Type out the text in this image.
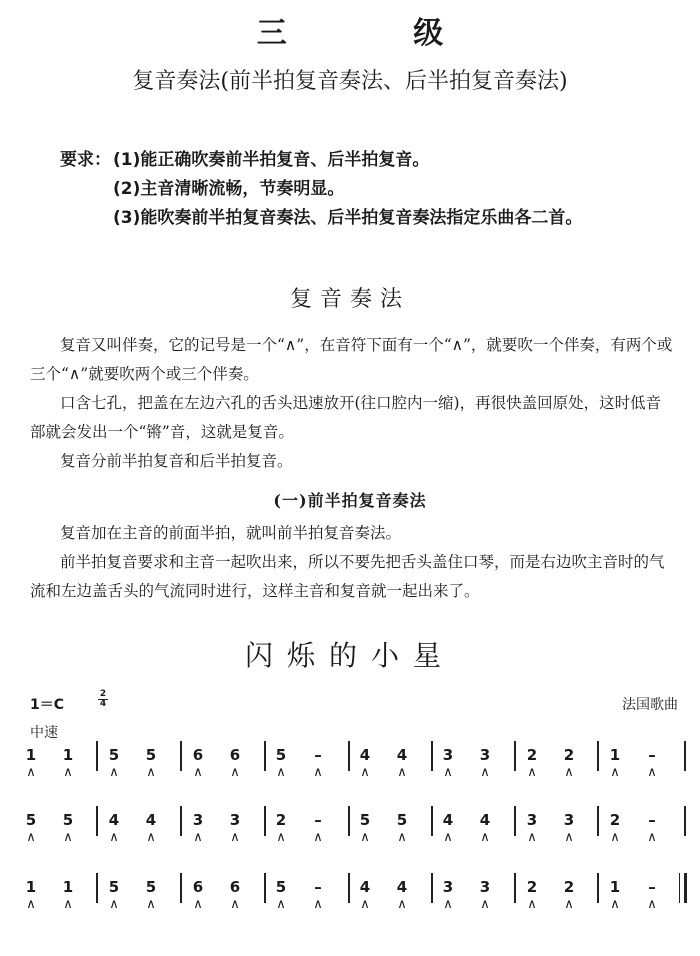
三 级
复音奏法(前半拍复音奏法、后半拍复音奏法)
要求： (1)能正确吹奏前半拍复音、后半拍复音。
(2)主音清晰流畅，节奏明显。
(3)能吹奏前半拍复音奏法、后半拍复音奏法指定乐曲各二首。
复音奏法
复音又叫伴奏，它的记号是一个“∧”，在音符下面有一个“∧”，就要吹一个伴奏，有两个或
三个“∧”就要吹两个或三个伴奏。
口含七孔，把盖在左边六孔的舌头迅速放开(往口腔内一缩)，再很快盖回原处，这时低音
部就会发出一个“锵”音，这就是复音。
复音分前半拍复音和后半拍复音。
(一)前半拍复音奏法
复音加在主音的前面半拍，就叫前半拍复音奏法。
前半拍复音要求和主音一起吹出来，所以不要先把舌头盖住口琴，而是右边吹主音时的气
流和左边盖舌头的气流同时进行，这样主音和复音就一起出来了。
闪烁的小星
1＝C
2
4	法国歌曲
中速
1
∧
1
∧
5
∧
5
∧
6
∧
6
∧
5
∧
–
∧
4
∧
4
∧
3
∧
3
∧
2
∧
2
∧
1
∧
–
∧
5
∧
5
∧
4
∧
4
∧
3
∧
3
∧
2
∧
–
∧
5
∧
5
∧
4
∧
4
∧
3
∧
3
∧
2
∧
–
∧
1
∧
1
∧
5
∧
5
∧
6
∧
6
∧
5
∧
–
∧
4
∧
4
∧
3
∧
3
∧
2
∧
2
∧
1
∧
–
∧
